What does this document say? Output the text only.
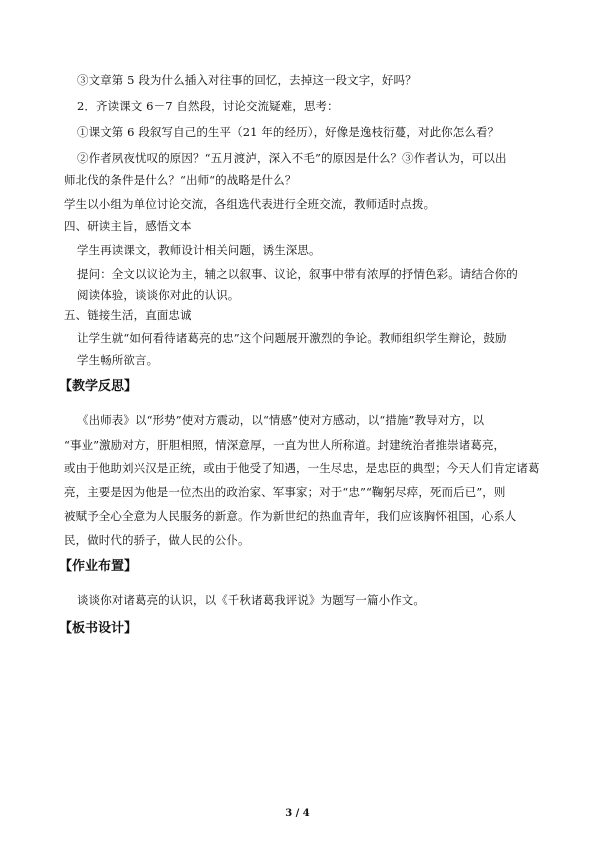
③文章第 5 段为什么插入对往事的回忆，去掉这一段文字，好吗？
2．齐读课文 6－7 自然段，讨论交流疑难，思考：
①课文第 6 段叙写自己的生平（21 年的经历），好像是逸枝衍蔓，对此你怎么看？
②作者夙夜忧叹的原因？“五月渡泸，深入不毛”的原因是什么？③作者认为，可以出
师北伐的条件是什么？“出师“的战略是什么？
学生以小组为单位讨论交流，各组选代表进行全班交流，教师适时点拨。
四、研读主旨，感悟文本
学生再读课文，教师设计相关问题，诱生深思。
提问：全文以议论为主，辅之以叙事、议论，叙事中带有浓厚的抒情色彩。请结合你的
阅读体验，谈谈你对此的认识。
五、链接生活，直面忠诚
让学生就“如何看待诸葛亮的忠”这个问题展开激烈的争论。教师组织学生辩论，鼓励
学生畅所欲言。
【教学反思】
《出师表》以“形势”使对方震动，以“情感”使对方感动，以“措施”教导对方，以
“事业”激励对方，肝胆相照，情深意厚，一直为世人所称道。封建统治者推崇诸葛亮，
或由于他助刘兴汉是正统，或由于他受了知遇，一生尽忠，是忠臣的典型；今天人们肯定诸葛
亮，主要是因为他是一位杰出的政治家、军事家；对于“忠”“鞠躬尽瘁，死而后已”，则
被赋予全心全意为人民服务的新意。作为新世纪的热血青年，我们应该胸怀祖国，心系人
民，做时代的骄子，做人民的公仆。
【作业布置】
谈谈你对诸葛亮的认识，以《千秋诸葛我评说》为题写一篇小作文。
【板书设计】
3 / 4
